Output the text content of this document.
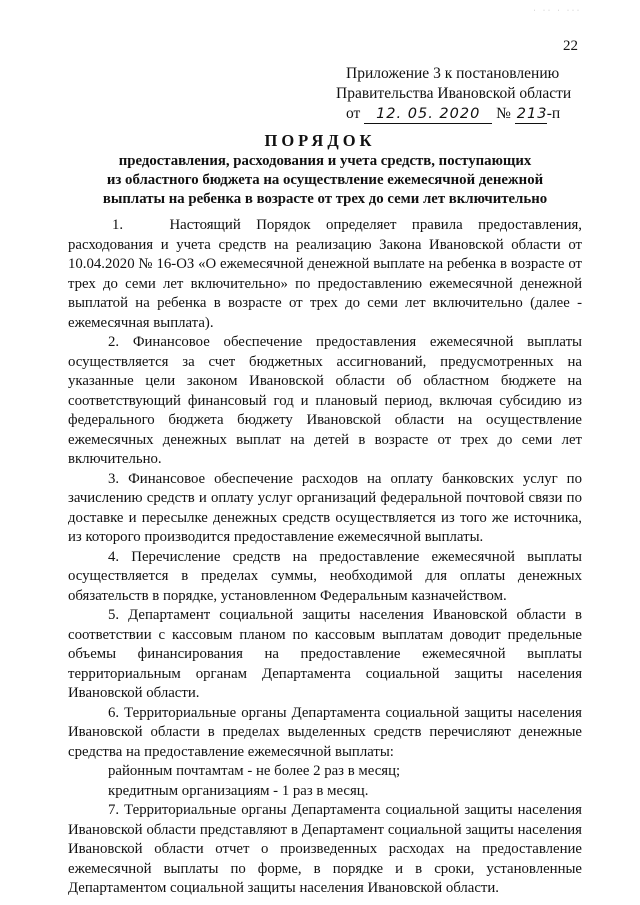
· ·· · ···
22
Приложение 3 к постановлению
Правительства Ивановской области
от 12. 05. 2020 № 213-п
ПОРЯДОК
предоставления, расходования и учета средств, поступающих
из областного бюджета на осуществление ежемесячной денежной
выплаты на ребенка в возрасте от трех до семи лет включительно

1.   Настоящий Порядок определяет правила предоставления, расходования и учета средств на реализацию Закона Ивановской области от 10.04.2020 № 16-ОЗ «О ежемесячной денежной выплате на ребенка в возрасте от трех до семи лет включительно» по предоставлению ежемесячной денежной выплатой на ребенка в возрасте от трех до семи лет включительно (далее - ежемесячная выплата).

2. Финансовое обеспечение предоставления ежемесячной выплаты осуществляется за счет бюджетных ассигнований, предусмотренных на указанные цели законом Ивановской области об областном бюджете на соответствующий финансовый год и плановый период, включая субсидию из федерального бюджета бюджету Ивановской области на осуществление ежемесячных денежных выплат на детей в возрасте от трех до семи лет включительно.

3. Финансовое обеспечение расходов на оплату банковских услуг по зачислению средств и оплату услуг организаций федеральной почтовой связи по доставке и пересылке денежных средств осуществляется из того же источника, из которого производится предоставление ежемесячной выплаты.

4. Перечисление средств на предоставление ежемесячной выплаты осуществляется в пределах суммы, необходимой для оплаты денежных обязательств в порядке, установленном Федеральным казначейством.

5. Департамент социальной защиты населения Ивановской области в соответствии с кассовым планом по кассовым выплатам доводит предельные объемы финансирования на предоставление ежемесячной выплаты территориальным органам Департамента социальной защиты населения Ивановской области.

6. Территориальные органы Департамента социальной защиты населения Ивановской области в пределах выделенных средств перечисляют денежные средства на предоставление ежемесячной выплаты:

районным почтамтам - не более 2 раз в месяц;

кредитным организациям - 1 раз в месяц.

7. Территориальные органы Департамента социальной защиты населения Ивановской области представляют в Департамент социальной защиты населения Ивановской области отчет о произведенных расходах на предоставление ежемесячной выплаты по форме, в порядке и в сроки, установленные Департаментом социальной защиты населения Ивановской области.
